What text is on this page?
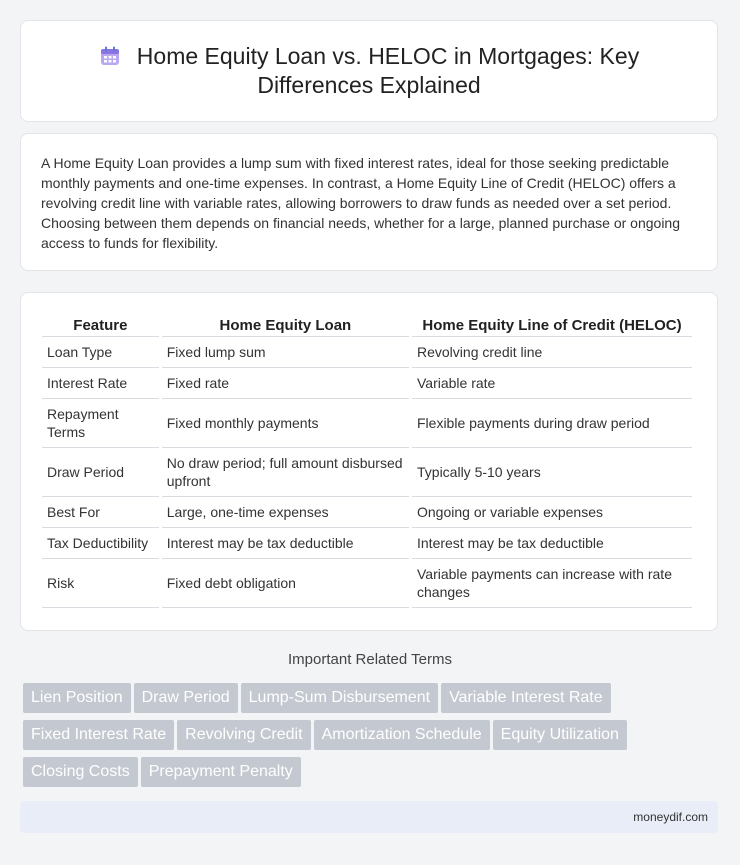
Home Equity Loan vs. HELOC in Mortgages: Key Differences Explained

A Home Equity Loan provides a lump sum with fixed interest rates, ideal for those seeking predictable monthly payments and one-time expenses. In contrast, a Home Equity Line of Credit (HELOC) offers a revolving credit line with variable rates, allowing borrowers to draw funds as needed over a set period. Choosing between them depends on financial needs, whether for a large, planned purchase or ongoing access to funds for flexibility.

Feature	Home Equity Loan	Home Equity Line of Credit (HELOC)
Loan Type	Fixed lump sum	Revolving credit line
Interest Rate	Fixed rate	Variable rate
Repayment Terms	Fixed monthly payments	Flexible payments during draw period
Draw Period	No draw period; full amount disbursed upfront	Typically 5-10 years
Best For	Large, one-time expenses	Ongoing or variable expenses
Tax Deductibility	Interest may be tax deductible	Interest may be tax deductible
Risk	Fixed debt obligation	Variable payments can increase with rate changes
Important Related Terms
Lien Position Draw Period Lump-Sum Disbursement Variable Interest Rate
Fixed Interest Rate Revolving Credit Amortization Schedule Equity Utilization
Closing Costs Prepayment Penalty
moneydif.com
